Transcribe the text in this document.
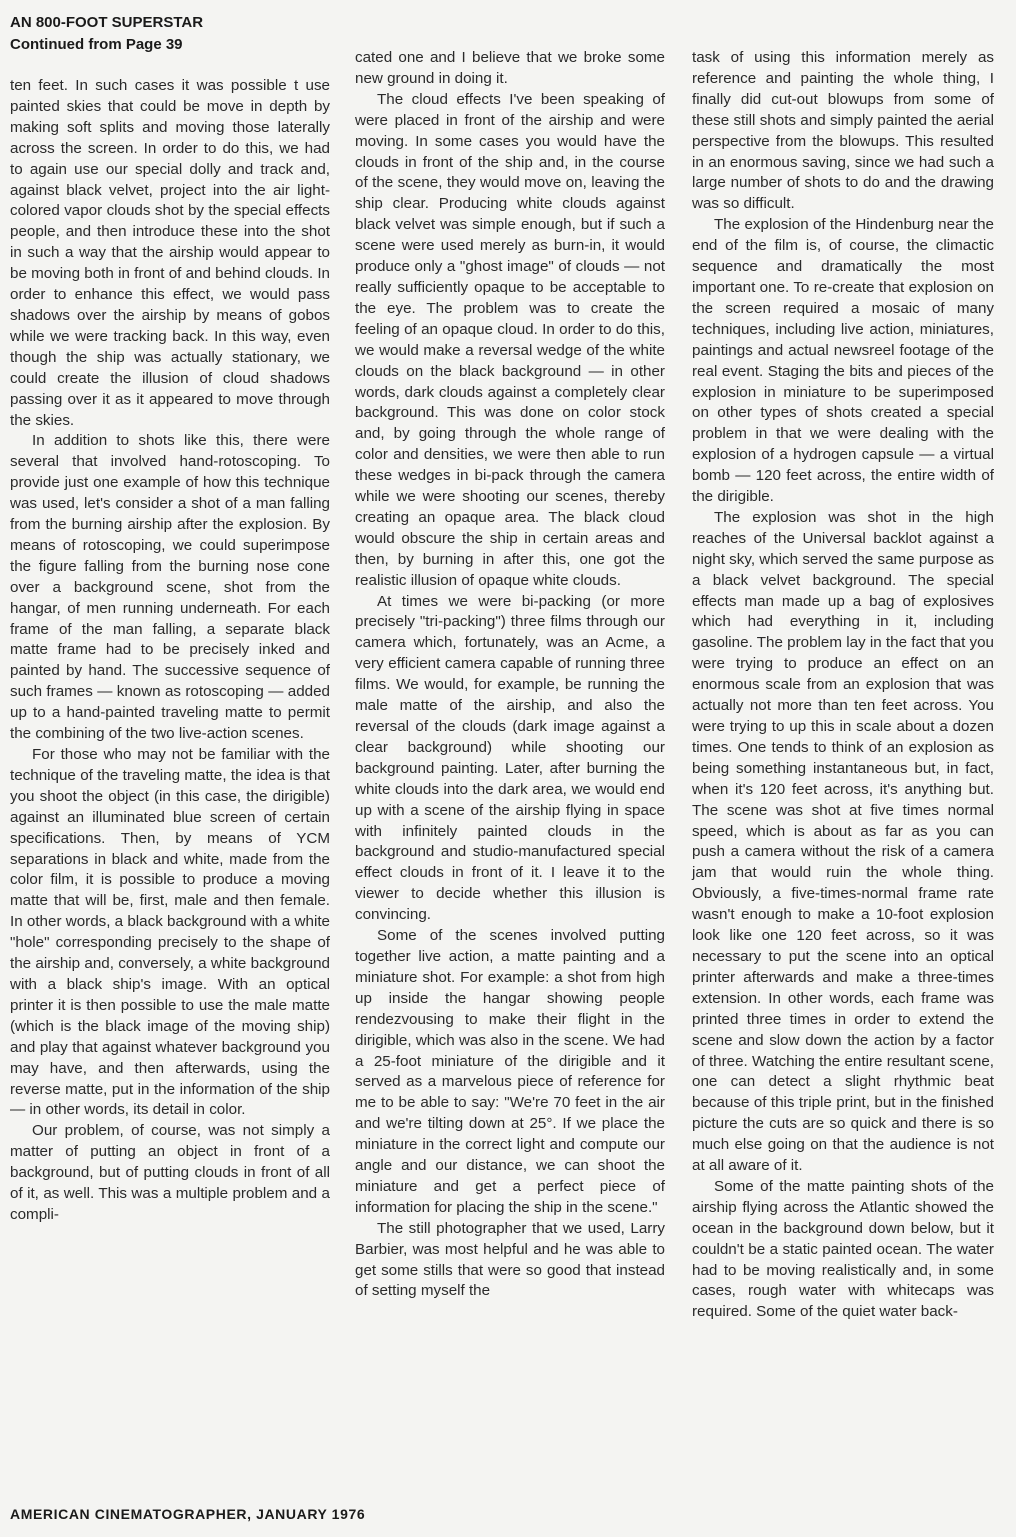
AN 800-FOOT SUPERSTAR
Continued from Page 39

ten feet. In such cases it was possible t use painted skies that could be move in depth by making soft splits and moving those laterally across the screen. In order to do this, we had to again use our special dolly and track and, against black velvet, project into the air light-colored vapor clouds shot by the special effects people, and then introduce these into the shot in such a way that the airship would appear to be moving both in front of and behind clouds. In order to enhance this effect, we would pass shadows over the airship by means of gobos while we were tracking back. In this way, even though the ship was actually stationary, we could create the illusion of cloud shadows passing over it as it appeared to move through the skies.

In addition to shots like this, there were several that involved hand-rotoscoping. To provide just one example of how this technique was used, let's consider a shot of a man falling from the burning airship after the explosion. By means of rotoscoping, we could superimpose the figure falling from the burning nose cone over a background scene, shot from the hangar, of men running underneath. For each frame of the man falling, a separate black matte frame had to be precisely inked and painted by hand. The successive sequence of such frames — known as rotoscoping — added up to a hand-painted traveling matte to permit the combining of the two live-action scenes.

For those who may not be familiar with the technique of the traveling matte, the idea is that you shoot the object (in this case, the dirigible) against an illuminated blue screen of certain specifications. Then, by means of YCM separations in black and white, made from the color film, it is possible to produce a moving matte that will be, first, male and then female. In other words, a black background with a white "hole" corresponding precisely to the shape of the airship and, conversely, a white background with a black ship's image. With an optical printer it is then possible to use the male matte (which is the black image of the moving ship) and play that against whatever background you may have, and then afterwards, using the reverse matte, put in the information of the ship — in other words, its detail in color.

Our problem, of course, was not simply a matter of putting an object in front of a background, but of putting clouds in front of all of it, as well. This was a multiple problem and a compli-

cated one and I believe that we broke some new ground in doing it.

The cloud effects I've been speaking of were placed in front of the airship and were moving. In some cases you would have the clouds in front of the ship and, in the course of the scene, they would move on, leaving the ship clear. Producing white clouds against black velvet was simple enough, but if such a scene were used merely as burn-in, it would produce only a "ghost image" of clouds — not really sufficiently opaque to be acceptable to the eye. The problem was to create the feeling of an opaque cloud. In order to do this, we would make a reversal wedge of the white clouds on the black background — in other words, dark clouds against a completely clear background. This was done on color stock and, by going through the whole range of color and densities, we were then able to run these wedges in bi-pack through the camera while we were shooting our scenes, thereby creating an opaque area. The black cloud would obscure the ship in certain areas and then, by burning in after this, one got the realistic illusion of opaque white clouds.

At times we were bi-packing (or more precisely "tri-packing") three films through our camera which, fortunately, was an Acme, a very efficient camera capable of running three films. We would, for example, be running the male matte of the airship, and also the reversal of the clouds (dark image against a clear background) while shooting our background painting. Later, after burning the white clouds into the dark area, we would end up with a scene of the airship flying in space with infinitely painted clouds in the background and studio-manufactured special effect clouds in front of it. I leave it to the viewer to decide whether this illusion is convincing.

Some of the scenes involved putting together live action, a matte painting and a miniature shot. For example: a shot from high up inside the hangar showing people rendezvousing to make their flight in the dirigible, which was also in the scene. We had a 25-foot miniature of the dirigible and it served as a marvelous piece of reference for me to be able to say: "We're 70 feet in the air and we're tilting down at 25°. If we place the miniature in the correct light and compute our angle and our distance, we can shoot the miniature and get a perfect piece of information for placing the ship in the scene."

The still photographer that we used, Larry Barbier, was most helpful and he was able to get some stills that were so good that instead of setting myself the

task of using this information merely as reference and painting the whole thing, I finally did cut-out blowups from some of these still shots and simply painted the aerial perspective from the blowups. This resulted in an enormous saving, since we had such a large number of shots to do and the drawing was so difficult.

The explosion of the Hindenburg near the end of the film is, of course, the climactic sequence and dramatically the most important one. To re-create that explosion on the screen required a mosaic of many techniques, including live action, miniatures, paintings and actual newsreel footage of the real event. Staging the bits and pieces of the explosion in miniature to be superimposed on other types of shots created a special problem in that we were dealing with the explosion of a hydrogen capsule — a virtual bomb — 120 feet across, the entire width of the dirigible.

The explosion was shot in the high reaches of the Universal backlot against a night sky, which served the same purpose as a black velvet background. The special effects man made up a bag of explosives which had everything in it, including gasoline. The problem lay in the fact that you were trying to produce an effect on an enormous scale from an explosion that was actually not more than ten feet across. You were trying to up this in scale about a dozen times. One tends to think of an explosion as being something instantaneous but, in fact, when it's 120 feet across, it's anything but. The scene was shot at five times normal speed, which is about as far as you can push a camera without the risk of a camera jam that would ruin the whole thing. Obviously, a five-times-normal frame rate wasn't enough to make a 10-foot explosion look like one 120 feet across, so it was necessary to put the scene into an optical printer afterwards and make a three-times extension. In other words, each frame was printed three times in order to extend the scene and slow down the action by a factor of three. Watching the entire resultant scene, one can detect a slight rhythmic beat because of this triple print, but in the finished picture the cuts are so quick and there is so much else going on that the audience is not at all aware of it.

Some of the matte painting shots of the airship flying across the Atlantic showed the ocean in the background down below, but it couldn't be a static painted ocean. The water had to be moving realistically and, in some cases, rough water with whitecaps was required. Some of the quiet water back-

AMERICAN CINEMATOGRAPHER, JANUARY 1976
